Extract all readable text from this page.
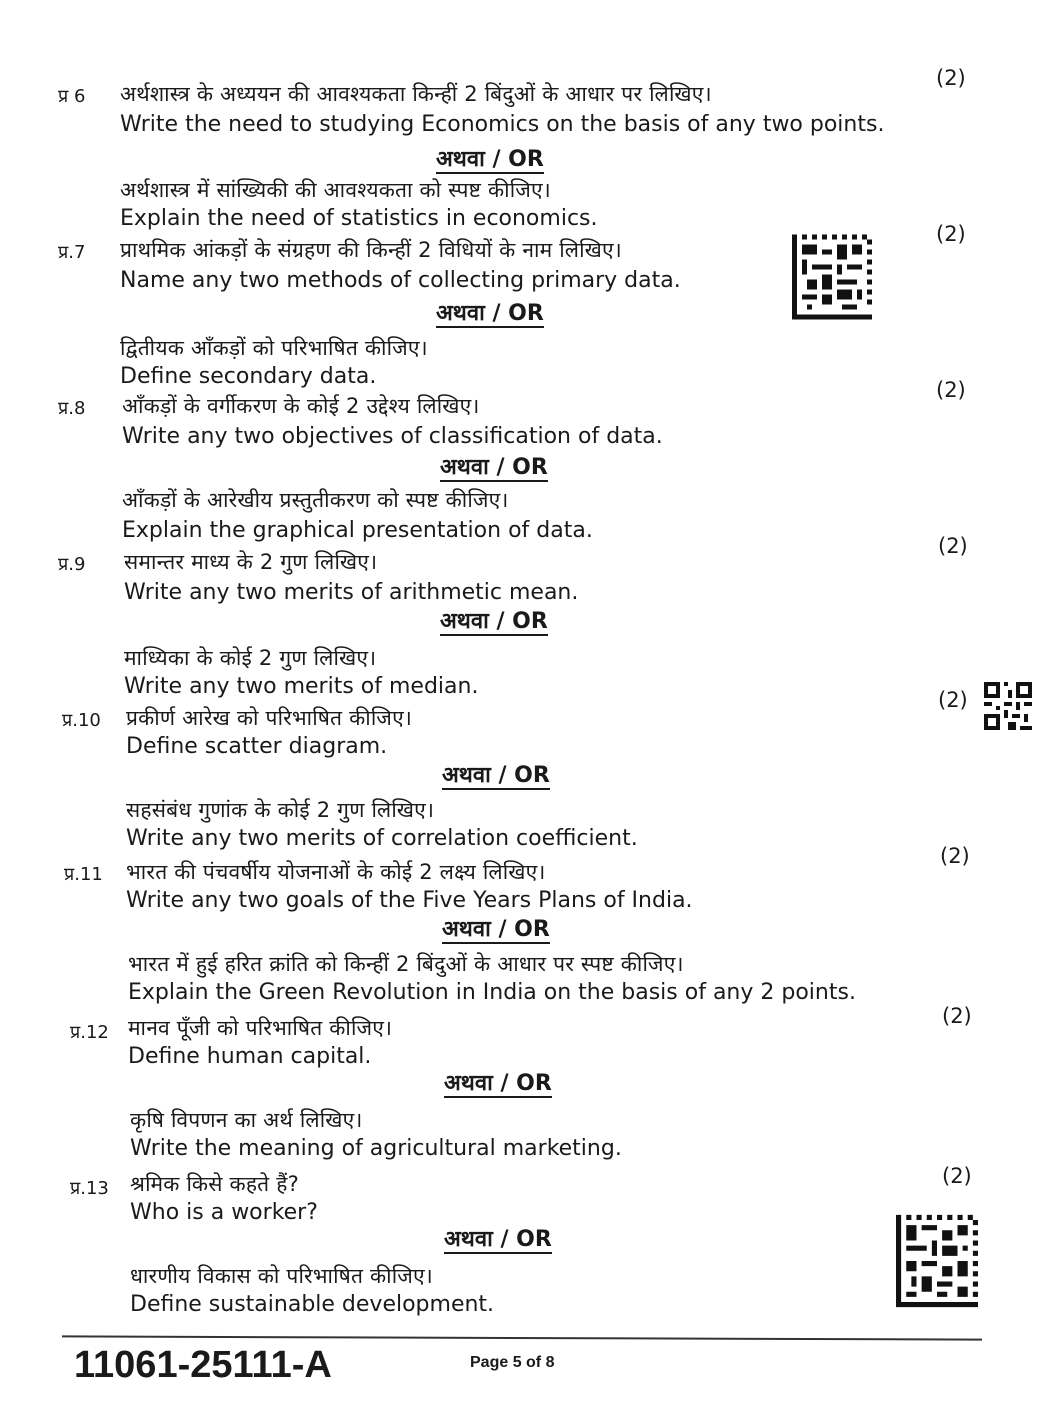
प्र 6 अर्थशास्त्र के अध्ययन की आवश्यकता किन्हीं 2 बिंदुओं के आधार पर लिखिए।
Write the need to studying Economics on the basis of any two points.
अथवा / OR
अर्थशास्त्र में सांख्यिकी की आवश्यकता को स्पष्ट कीजिए।
Explain the need of statistics in economics.
(2)
प्र.7 प्राथमिक आंकड़ों के संग्रहण की किन्हीं 2 विधियों के नाम लिखिए।
Name any two methods of collecting primary data.
अथवा / OR
द्वितीयक आँकड़ों को परिभाषित कीजिए।
Define secondary data.
(2)
प्र.8 आँकड़ों के वर्गीकरण के कोई 2 उद्देश्य लिखिए।
Write any two objectives of classification of data.
अथवा / OR
आँकड़ों के आरेखीय प्रस्तुतीकरण को स्पष्ट कीजिए।
Explain the graphical presentation of data.
(2)
प्र.9 समान्तर माध्य के 2 गुण लिखिए।
Write any two merits of arithmetic mean.
अथवा / OR
माध्यिका के कोई 2 गुण लिखिए।
Write any two merits of median.
(2)
प्र.10 प्रकीर्ण आरेख को परिभाषित कीजिए।
Define scatter diagram.
अथवा / OR
सहसंबंध गुणांक के कोई 2 गुण लिखिए।
Write any two merits of correlation coefficient.
(2)
प्र.11 भारत की पंचवर्षीय योजनाओं के कोई 2 लक्ष्य लिखिए।
Write any two goals of the Five Years Plans of India.
अथवा / OR
भारत में हुई हरित क्रांति को किन्हीं 2 बिंदुओं के आधार पर स्पष्ट कीजिए।
Explain the Green Revolution in India on the basis of any 2 points.
(2)
प्र.12 मानव पूँजी को परिभाषित कीजिए।
Define human capital.
अथवा / OR
कृषि विपणन का अर्थ लिखिए।
Write the meaning of agricultural marketing.
(2)
प्र.13 श्रमिक किसे कहते हैं?
Who is a worker?
अथवा / OR
धारणीय विकास को परिभाषित कीजिए।
Define sustainable development.
(2)
11061-25111-A	Page 5 of 8
